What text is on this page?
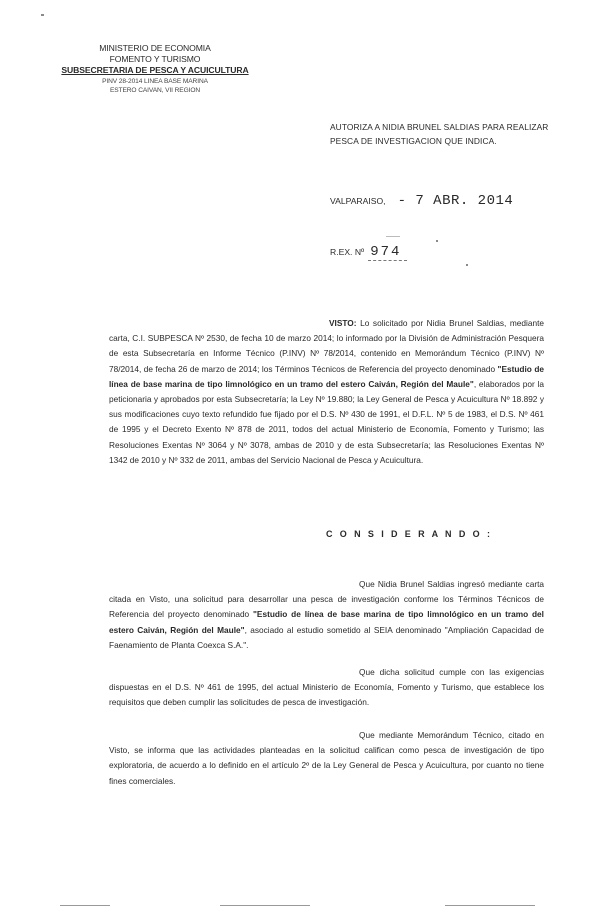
MINISTERIO DE ECONOMIA
FOMENTO Y TURISMO
SUBSECRETARIA DE PESCA Y ACUICULTURA
PINV 28-2014 LINEA BASE MARINA
ESTERO CAIVAN, VII REGION
AUTORIZA A NIDIA BRUNEL SALDIAS PARA REALIZAR PESCA DE INVESTIGACION QUE INDICA.
VALPARAISO, - 7 ABR. 2014
R.EX. Nº 974
VISTO: Lo solicitado por Nidia Brunel Saldias, mediante carta, C.I. SUBPESCA Nº 2530, de fecha 10 de marzo 2014; lo informado por la División de Administración Pesquera de esta Subsecretaría en Informe Técnico (P.INV) Nº 78/2014, contenido en Memorándum Técnico (P.INV) Nº 78/2014, de fecha 26 de marzo de 2014; los Términos Técnicos de Referencia del proyecto denominado "Estudio de línea de base marina de tipo limnológico en un tramo del estero Caiván, Región del Maule", elaborados por la peticionaria y aprobados por esta Subsecretaría; la Ley Nº 19.880; la Ley General de Pesca y Acuicultura Nº 18.892 y sus modificaciones cuyo texto refundido fue fijado por el D.S. Nº 430 de 1991, el D.F.L. Nº 5 de 1983, el D.S. Nº 461 de 1995 y el Decreto Exento Nº 878 de 2011, todos del actual Ministerio de Economía, Fomento y Turismo; las Resoluciones Exentas Nº 3064 y Nº 3078, ambas de 2010 y de esta Subsecretaría; las Resoluciones Exentas Nº 1342 de 2010 y Nº 332 de 2011, ambas del Servicio Nacional de Pesca y Acuicultura.
C O N S I D E R A N D O :
Que Nidia Brunel Saldias ingresó mediante carta citada en Visto, una solicitud para desarrollar una pesca de investigación conforme los Términos Técnicos de Referencia del proyecto denominado "Estudio de línea de base marina de tipo limnológico en un tramo del estero Caiván, Región del Maule", asociado al estudio sometido al SEIA denominado "Ampliación Capacidad de Faenamiento de Planta Coexca S.A.".
Que dicha solicitud cumple con las exigencias dispuestas en el D.S. Nº 461 de 1995, del actual Ministerio de Economía, Fomento y Turismo, que establece los requisitos que deben cumplir las solicitudes de pesca de investigación.
Que mediante Memorándum Técnico, citado en Visto, se informa que las actividades planteadas en la solicitud califican como pesca de investigación de tipo exploratoria, de acuerdo a lo definido en el artículo 2º de la Ley General de Pesca y Acuicultura, por cuanto no tiene fines comerciales.
